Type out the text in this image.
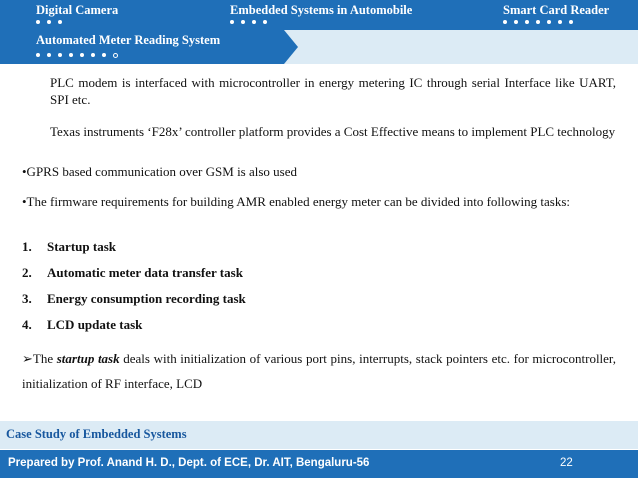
Digital Camera	Embedded Systems in Automobile	Smart Card Reader
Automated Meter Reading System
PLC modem is interfaced with microcontroller in energy metering IC through serial Interface like UART, SPI etc.
Texas instruments ‘F28x’ controller platform provides a Cost Effective means to implement PLC technology
•GPRS based communication over GSM is also used
•The firmware requirements for building AMR enabled energy meter can be divided into following tasks:
1.	Startup task
2.	Automatic meter data transfer task
3.	Energy consumption recording task
4.	LCD update task
➢The startup task deals with initialization of various port pins, interrupts, stack pointers etc. for microcontroller, initialization of RF interface, LCD
Case Study of Embedded Systems
Prepared by Prof. Anand H. D., Dept. of ECE, Dr. AIT, Bengaluru-56	22
